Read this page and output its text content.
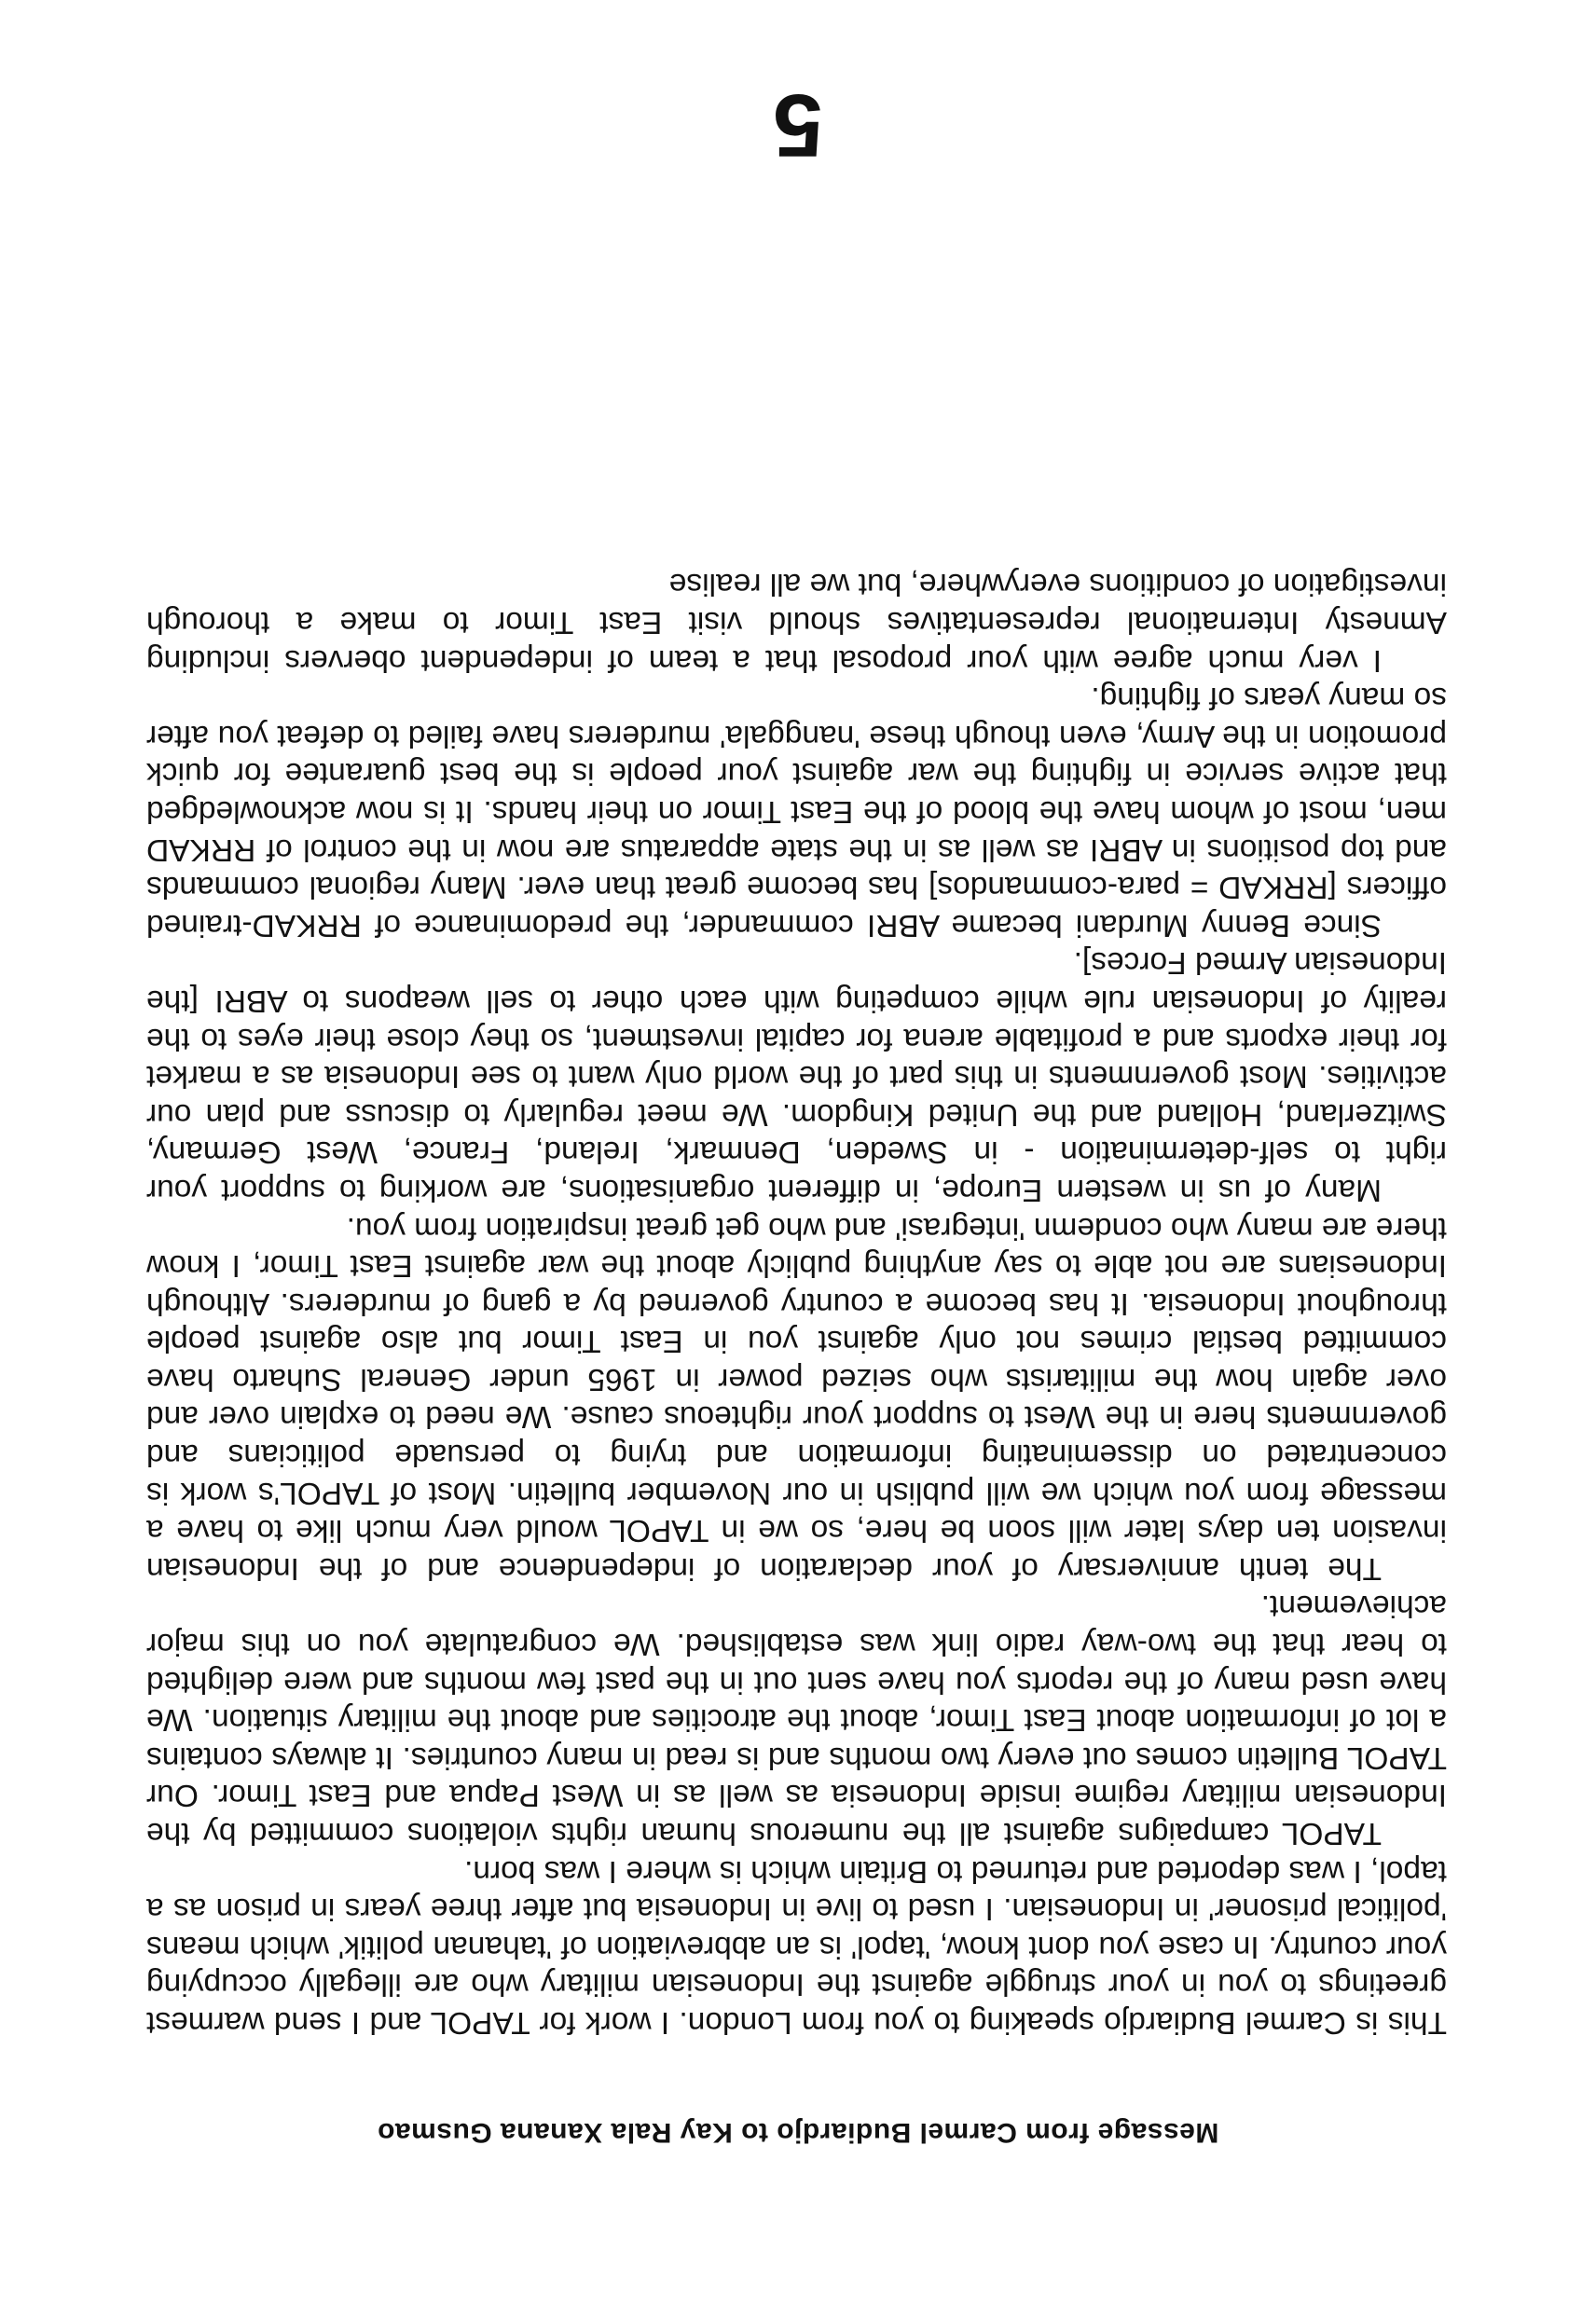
Message from Carmel Budiardjo to Kay Rala Xanana Gusmao

This is Carmel Budiardjo speaking to you from London. I work for TAPOL and I send warmest greetings to you in your struggle against the Indonesian military who are illegally occupying your country. In case you dont know, 'tapol' is an abbreviation of 'tahanan politik' which means 'political prisoner' in Indonesian. I used to live in Indonesia but after three years in prison as a tapol, I was deported and returned to Britain which is where I was born.

TAPOL campaigns against all the numerous human rights violations committed by the Indonesian military regime inside Indonesia as well as in West Papua and East Timor. Our TAPOL Bulletin comes out every two months and is read in many countries. It always contains a lot of information about East Timor, about the atrocities and about the military situation. We have used many of the reports you have sent out in the past few months and were delighted to hear that the two-way radio link was established. We congratulate you on this major achievement.

The tenth anniversary of your declaration of independence and of the Indonesian invasion ten days later will soon be here, so we in TAPOL would very much like to have a message from you which we will publish in our November bulletin. Most of TAPOL's work is concentrated on disseminating information and trying to persuade politicians and governments here in the West to support your righteous cause. We need to explain over and over again how the militarists who seized power in 1965 under General Suharto have committed bestial crimes not only against you in East Timor but also against people throughout Indonesia. It has become a country governed by a gang of murderers. Although Indonesians are not able to say anything publicly about the war against East Timor, I know there are many who condemn 'integrasi' and who get great inspiration from you.

Many of us in western Europe, in different organisations, are working to support your right to self-determination - in Sweden, Denmark, Ireland, France, West Germany, Switzerland, Holland and the United Kingdom. We meet regularly to discuss and plan our activities. Most governments in this part of the world only want to see Indonesia as a market for their exports and a profitable arena for capital investment, so they close their eyes to the reality of Indonesian rule while competing with each other to sell weapons to ABRI [the Indonesian Armed Forces].

Since Benny Murdani became ABRI commander, the predominance of RRKAD-trained officers [RRKAD = para-commandos] has become great than ever. Many regional commands and top positions in ABRI as well as in the state apparatus are now in the control of RRKAD men, most of whom have the blood of the East Timor on their hands. It is now acknowledged that active service in fighting the war against your people is the best guarantee for quick promotion in the Army, even though these 'nanggala' murderers have failed to defeat you after so many years of fighting.

I very much agree with your proposal that a team of independent obervers including Amnesty International representatives should visit East Timor to make a thorough investigation of conditions everywhere, but we all realise

5
